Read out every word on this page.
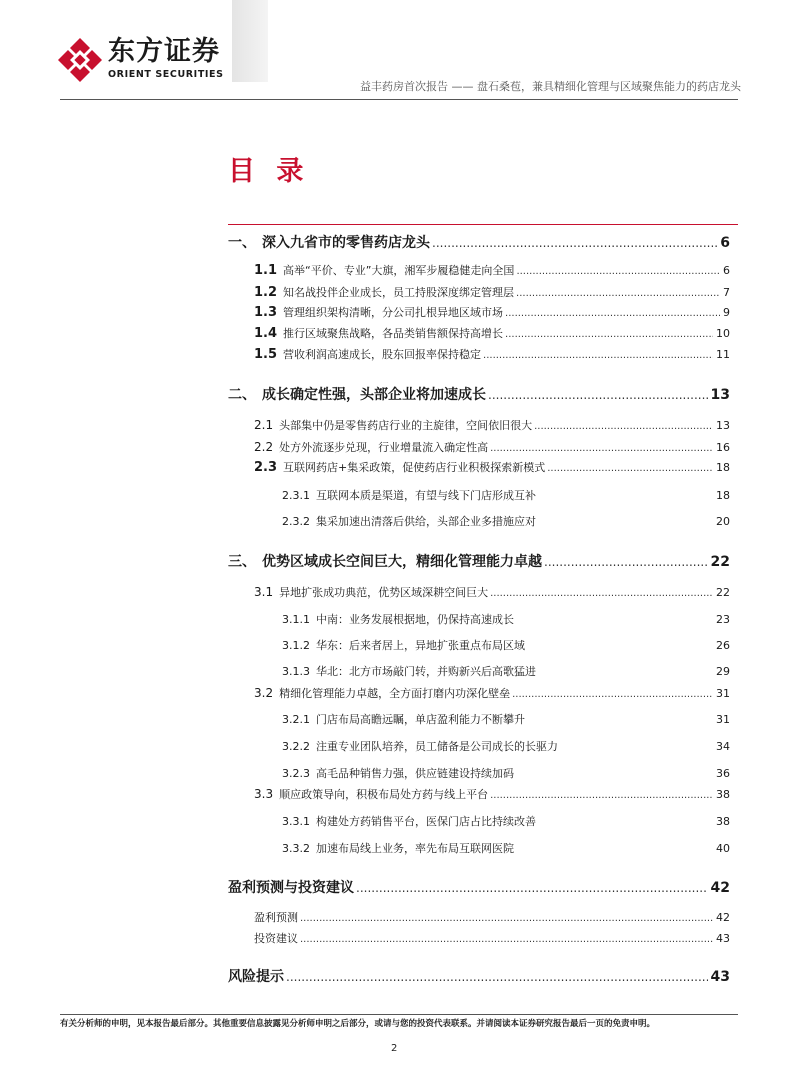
东方证券
ORIENT SECURITIES
益丰药房首次报告 —— 盘石桑苞，兼具精细化管理与区域聚焦能力的药店龙头
目 录
一、 深入九省市的零售药店龙头 .....	6
1.1 高举“平价、专业”大旗，湘军步履稳健走向全国 .....	6
1.2 知名战投伴企业成长，员工持股深度绑定管理层 .....	7
1.3 管理组织架构清晰，分公司扎根异地区域市场 .....	9
1.4 推行区域聚焦战略，各品类销售额保持高增长 .....	10
1.5 营收利润高速成长，股东回报率保持稳定 .....	11
二、 成长确定性强，头部企业将加速成长 .....	13
2.1 头部集中仍是零售药店行业的主旋律，空间依旧很大 .....	13
2.2 处方外流逐步兑现，行业增量流入确定性高 .....	16
2.3 互联网药店+集采政策，促使药店行业积极探索新模式 .....	18
2.3.1 互联网本质是渠道，有望与线下门店形成互补	18
2.3.2 集采加速出清落后供给，头部企业多措施应对	20
三、 优势区域成长空间巨大，精细化管理能力卓越 .....	22
3.1 异地扩张成功典范，优势区域深耕空间巨大 .....	22
3.1.1 中南：业务发展根据地，仍保持高速成长	23
3.1.2 华东：后来者居上，异地扩张重点布局区域	26
3.1.3 华北：北方市场敲门转，并购新兴后高歌猛进	29
3.2 精细化管理能力卓越，全方面打磨内功深化壁垒 .....	31
3.2.1 门店布局高瞻远瞩，单店盈利能力不断攀升	31
3.2.2 注重专业团队培养，员工储备是公司成长的长驱力	34
3.2.3 高毛品种销售力强，供应链建设持续加码	36
3.3 顺应政策导向，积极布局处方药与线上平台 .....	38
3.3.1 构建处方药销售平台，医保门店占比持续改善	38
3.3.2 加速布局线上业务，率先布局互联网医院	40
盈利预测与投资建议 .....	42
盈利预测 .....	42
投资建议 .....	43
风险提示 .....	43
有关分析师的申明，见本报告最后部分。其他重要信息披露见分析师申明之后部分，或请与您的投资代表联系。并请阅读本证券研究报告最后一页的免责申明。
2
